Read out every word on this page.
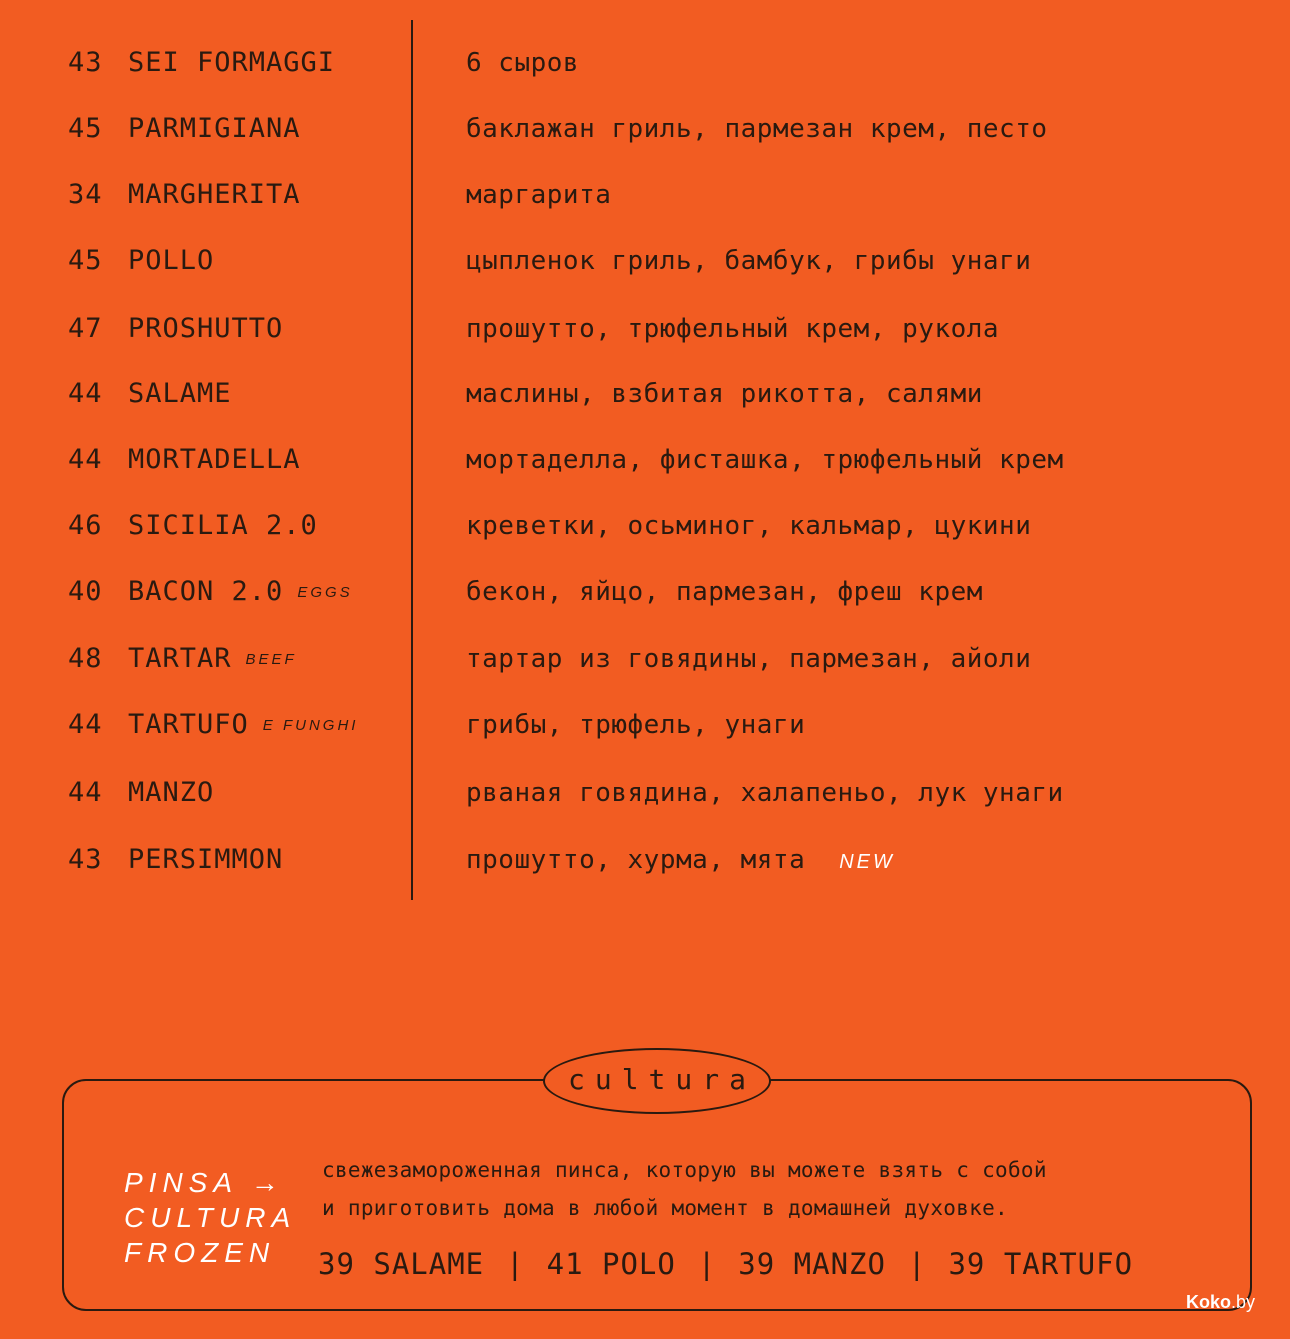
43 SEI FORMAGGI	6 сыров
45 PARMIGIANA	баклажан гриль, пармезан крем, песто
34 MARGHERITA	маргарита
45 POLLO	цыпленок гриль, бамбук, грибы унаги
47 PROSHUTTO	прошутто, трюфельный крем, рукола
44 SALAME	маслины, взбитая рикотта, салями
44 MORTADELLA	мортаделла, фисташка, трюфельный крем
46 SICILIA 2.0	креветки, осьминог, кальмар, цукини
40 BACON 2.0 EGGS	бекон, яйцо, пармезан, фреш крем
48 TARTAR BEEF	тартар из говядины, пармезан, айоли
44 TARTUFO E FUNGHI	грибы, трюфель, унаги
44 MANZO	рваная говядина, халапеньо, лук унаги
43 PERSIMMON	прошутто, хурма, мята NEW
cultura
PINSA →
CULTURA
FROZEN
свежезамороженная пинса, которую вы можете взять с собой
и приготовить дома в любой момент в домашней духовке.
39 SALAME | 41 POLO | 39 MANZO | 39 TARTUFO
Koko.by
